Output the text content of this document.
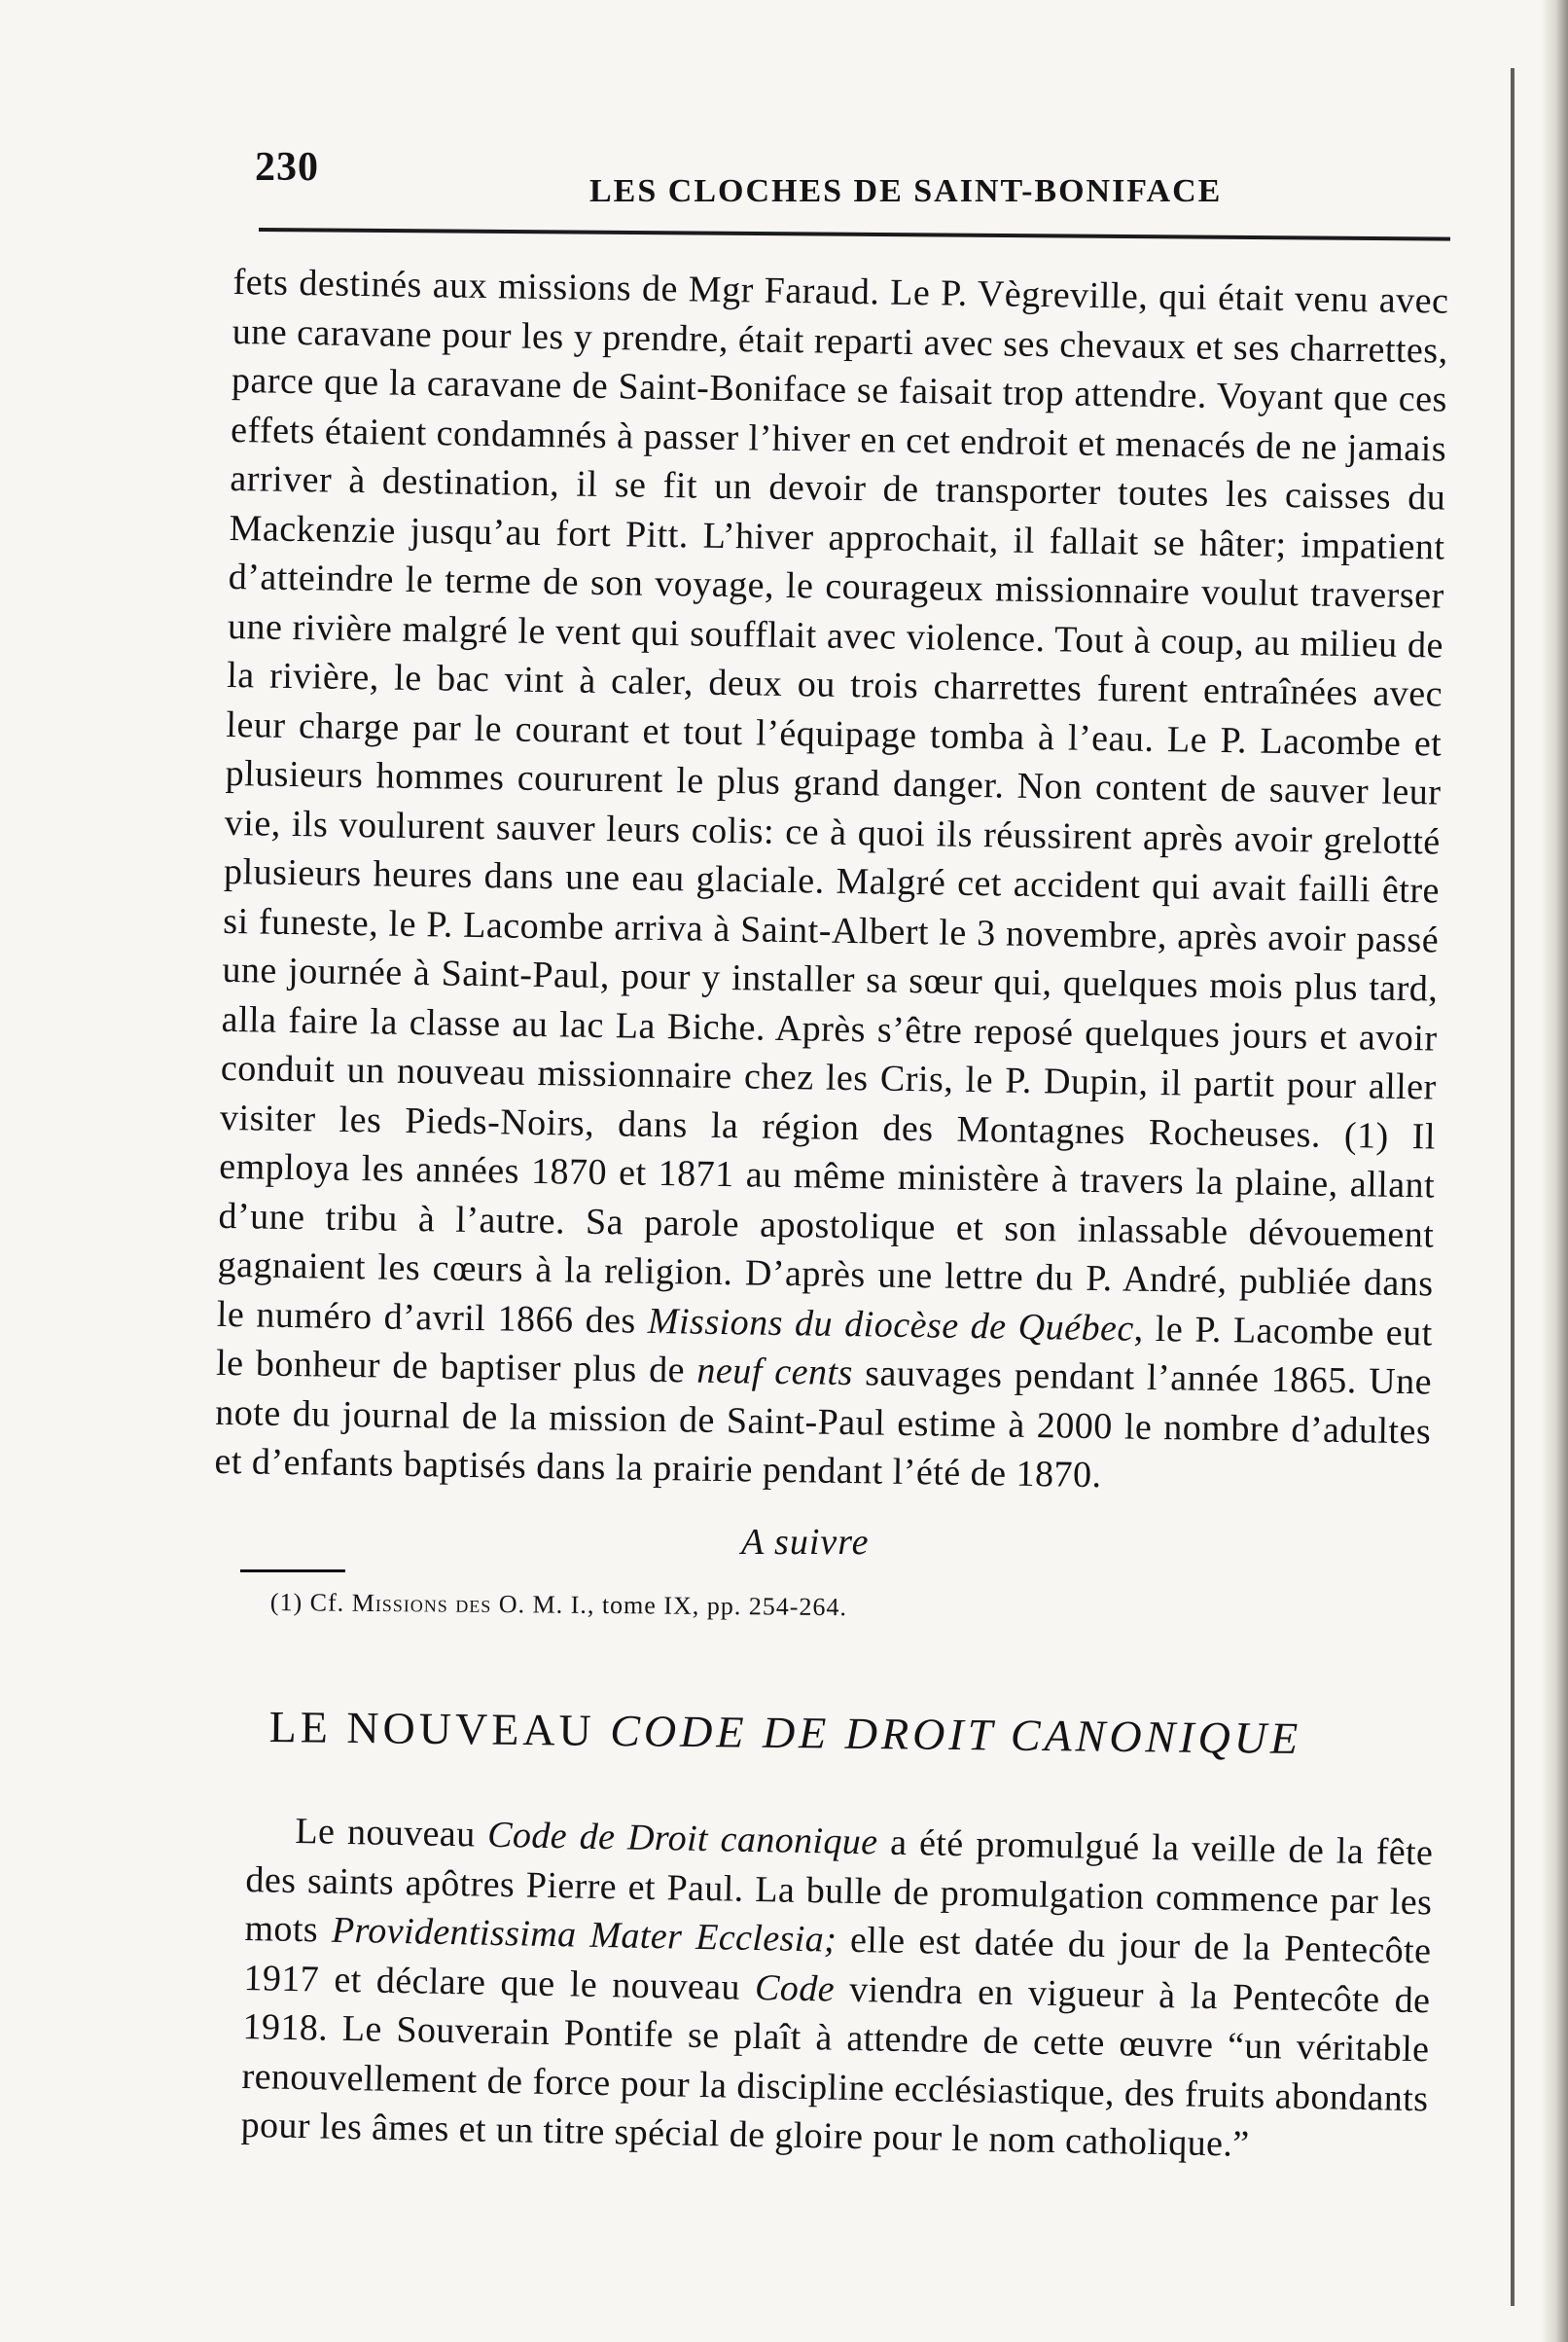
230
LES CLOCHES DE SAINT-BONIFACE

fets destinés aux missions de Mgr Faraud. Le P. Vègreville, qui était venu avec une caravane pour les y prendre, était reparti avec ses chevaux et ses charrettes, parce que la caravane de Saint-Boniface se faisait trop attendre. Voyant que ces effets étaient condamnés à passer l’hiver en cet endroit et menacés de ne jamais arriver à destination, il se fit un devoir de transporter toutes les caisses du Mackenzie jusqu’au fort Pitt. L’hiver approchait, il fallait se hâter; impatient d’atteindre le terme de son voyage, le courageux missionnaire voulut traverser une rivière malgré le vent qui soufflait avec violence. Tout à coup, au milieu de la rivière, le bac vint à caler, deux ou trois charrettes furent entraînées avec leur charge par le courant et tout l’équipage tomba à l’eau. Le P. Lacombe et plusieurs hommes coururent le plus grand danger. Non content de sauver leur vie, ils voulurent sauver leurs colis: ce à quoi ils réussirent après avoir grelotté plusieurs heures dans une eau glaciale. Malgré cet accident qui avait failli être si funeste, le P. Lacombe arriva à Saint-Albert le 3 novembre, après avoir passé une journée à Saint-Paul, pour y installer sa sœur qui, quelques mois plus tard, alla faire la classe au lac La Biche. Après s’être reposé quelques jours et avoir conduit un nouveau missionnaire chez les Cris, le P. Dupin, il partit pour aller visiter les Pieds-Noirs, dans la région des Montagnes Rocheuses. (1) Il employa les années 1870 et 1871 au même ministère à travers la plaine, allant d’une tribu à l’autre. Sa parole apostolique et son inlassable dévouement gagnaient les cœurs à la religion. D’après une lettre du P. André, publiée dans le numéro d’avril 1866 des Missions du diocèse de Québec, le P. Lacombe eut le bonheur de baptiser plus de neuf cents sauvages pendant l’année 1865. Une note du journal de la mission de Saint-Paul estime à 2000 le nombre d’adultes et d’enfants baptisés dans la prairie pendant l’été de 1870.

A suivre
(1) Cf. Missions des O. M. I., tome IX, pp. 254-264.
LE NOUVEAU CODE DE DROIT CANONIQUE

Le nouveau Code de Droit canonique a été promulgué la veille de la fête des saints apôtres Pierre et Paul. La bulle de promulgation commence par les mots Providentissima Mater Ecclesia; elle est datée du jour de la Pentecôte 1917 et déclare que le nouveau Code viendra en vigueur à la Pentecôte de 1918. Le Souverain Pontife se plaît à attendre de cette œuvre “un véritable renouvellement de force pour la discipline ecclésiastique, des fruits abondants pour les âmes et un titre spécial de gloire pour le nom catholique.”
